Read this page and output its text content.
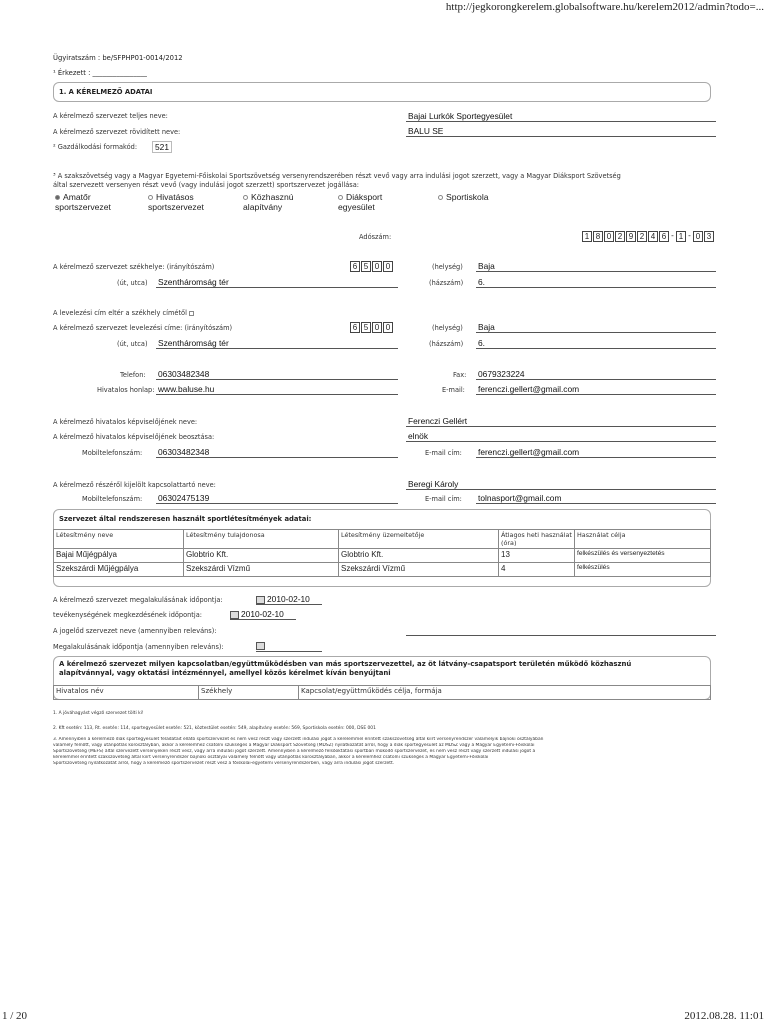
http://jegkorongkerelem.globalsoftware.hu/kerelem2012/admin?todo=...
1 / 20	2012.08.28. 11:01
Ügyiratszám : be/SFPHP01-0014/2012
¹ Érkezett : ________________
1. A KÉRELMEZŐ ADATAI
A kérelmező szervezet teljes neve:	Bajai Lurkók Sportegyesület
A kérelmező szervezet rövidített neve:	BALU SE
² Gazdálkodási formakód:	521
³ A szakszövetség vagy a Magyar Egyetemi-Főiskolai Sportszövetség versenyrendszerében részt vevő vagy arra indulási jogot szerzett, vagy a Magyar Diáksport Szövetség
által szervezett versenyen részt vevő (vagy indulási jogot szerzett) sportszervezet jogállása:
Amatőr
sportszervezet
Hivatásos
sportszervezet
Közhasznú
alapítvány
Diáksport
egyesület
Sportiskola
Adószám:	1 8 0 2 9 2 4 6 - 1 - 0 3
A kérelmező szervezet székhelye: (irányítószám)	6 5 0 0	(helység) Baja
(út, utca) Szentháromság tér	(házszám) 6.
A levelezési cím eltér a székhely címétől
A kérelmező szervezet levelezési címe: (irányítószám)	6 5 0 0	(helység) Baja
(út, utca) Szentháromság tér	(házszám) 6.
Telefon: 06303482348	Fax: 0679323224
Hivatalos honlap: www.baluse.hu	E-mail: ferenczi.gellert@gmail.com
A kérelmező hivatalos képviselőjének neve:	Ferenczi Gellért
A kérelmező hivatalos képviselőjének beosztása:	elnök
Mobiltelefonszám: 06303482348	E-mail cím: ferenczi.gellert@gmail.com
A kérelmező részéről kijelölt kapcsolattartó neve:	Beregi Károly
Mobiltelefonszám: 06302475139	E-mail cím: tolnasport@gmail.com
Szervezet által rendszeresen használt sportlétesítmények adatai:
Létesítmény neve	Létesítmény tulajdonosa	Létesítmény üzemeltetője	Átlagos heti használat (óra)	Használat célja
Bajai Műjégpálya	Globtrio Kft.	Globtrio Kft.	13	felkészülés és versenyeztetés
Szekszárdi Műjégpálya	Szekszárdi Vízmű	Szekszárdi Vízmű	4	felkészülés
A kérelmező szervezet megalakulásának időpontja:	2010-02-10
tevékenységének megkezdésének időpontja:	2010-02-10
A jogelőd szervezet neve (amennyiben releváns):
Megalakulásának időpontja (amennyiben releváns):
A kérelmező szervezet milyen kapcsolatban/együttműködésben van más sportszervezettel, az öt látvány-csapatsport területén működő közhasznú
alapítvánnyal, vagy oktatási intézménnyel, amellyel közös kérelmet kíván benyújtani
Hivatalos név	Székhely	Kapcsolat/együttműködés célja, formája
1. A jóváhagyást végző szervezet tölti ki!
2. Kft esetén: 113, Rt. esetén: 114, sportegyesület esetén: 521, köztestület esetén: 549, alapítvány esetén: 569, Sportiskola esetén: 000, DSE 001
3. Amennyiben a kérelmező diák sportegyesület feladatait ellátó sportszervezet és nem vesz részt vagy szerzett indulási jogot a kérelemmel érintett szakszövetség által kiírt versenyrendszer valamelyik bajnoki osztályában
valamely felnőtt, vagy utánpótlás korosztályban, akkor a kérelemhez csatolni szükséges a Magyar Diáksport Szövetség (MDSZ) nyilatkozatát arról, hogy a diák sportegyesület az MDSZ vagy a Magyar Egyetemi-Főiskolai
Sportszövetség (MEFS) által szervezett versenyeken részt vesz, vagy arra indulási jogot szerzett. Amennyiben a kérelmező felsőoktatási sportban működő sportszervezet, és nem vesz részt vagy szerzett indulási jogot a
kérelemmel érintett szakszövetség által kiírt versenyrendszer bajnoki osztályai valamely felnőtt vagy utánpótlás korosztályában, akkor a kérelemhez csatolni szükséges a Magyar Egyetemi-Főiskolai
Sportszövetség nyilatkozatát arról, hogy a kérelmező sportszervezet részt vesz a főiskolai-egyetemi versenyrendszerben, vagy arra indulási jogot szerzett.
